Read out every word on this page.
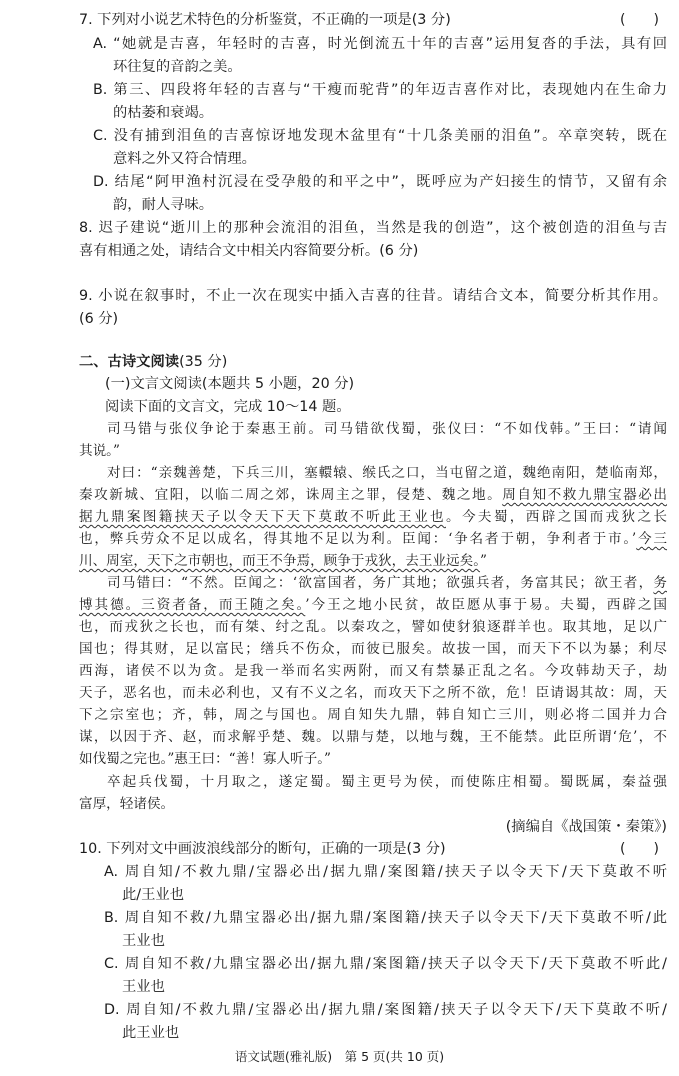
7. 下列对小说艺术特色的分析鉴赏，不正确的一项是(3 分)	(　　)
A. “她就是吉喜，年轻时的吉喜，时光倒流五十年的吉喜”运用复沓的手法，具有回
环往复的音韵之美。
B. 第三、四段将年轻的吉喜与“干瘦而驼背”的年迈吉喜作对比，表现她内在生命力
的枯萎和衰竭。
C. 没有捕到泪鱼的吉喜惊讶地发现木盆里有“十几条美丽的泪鱼”。卒章突转，既在
意料之外又符合情理。
D. 结尾“阿甲渔村沉浸在受孕般的和平之中”，既呼应为产妇接生的情节，又留有余
韵，耐人寻味。
8. 迟子建说“逝川上的那种会流泪的泪鱼，当然是我的创造”，这个被创造的泪鱼与吉
喜有相通之处，请结合文中相关内容简要分析。(6 分)
9. 小说在叙事时，不止一次在现实中插入吉喜的往昔。请结合文本，简要分析其作用。
(6 分)
二、古诗文阅读(35 分)
(一)文言文阅读(本题共 5 小题，20 分)
阅读下面的文言文，完成 10～14 题。
司马错与张仪争论于秦惠王前。司马错欲伐蜀，张仪曰：“不如伐韩。”王曰：“请闻
其说。”
对曰：“亲魏善楚，下兵三川，塞轘辕、缑氏之口，当屯留之道，魏绝南阳，楚临南郑，
秦攻新城、宜阳，以临二周之郊，诛周主之罪，侵楚、魏之地。周自知不救九鼎宝器必出
据九鼎案图籍挟天子以令天下天下莫敢不听此王业也。今夫蜀，西辟之国而戎狄之长
也，弊兵劳众不足以成名，得其地不足以为利。臣闻：‘争名者于朝，争利者于市。’今三
川、周室，天下之市朝也，而王不争焉，顾争于戎狄，去王业远矣。”
司马错曰：“不然。臣闻之：‘欲富国者，务广其地；欲强兵者，务富其民；欲王者，务
博其德。三资者备，而王随之矣。’今王之地小民贫，故臣愿从事于易。夫蜀，西辟之国
也，而戎狄之长也，而有桀、纣之乱。以秦攻之，譬如使豺狼逐群羊也。取其地，足以广
国也；得其财，足以富民；缮兵不伤众，而彼已服矣。故拔一国，而天下不以为暴；利尽
西海，诸侯不以为贪。是我一举而名实两附，而又有禁暴正乱之名。今攻韩劫天子，劫
天子，恶名也，而未必利也，又有不义之名，而攻天下之所不欲，危！臣请谒其故：周，天
下之宗室也；齐，韩，周之与国也。周自知失九鼎，韩自知亡三川，则必将二国并力合
谋，以因于齐、赵，而求解乎楚、魏。以鼎与楚，以地与魏，王不能禁。此臣所谓‘危’，不
如伐蜀之完也。”惠王曰：“善！寡人听子。”
卒起兵伐蜀，十月取之，遂定蜀。蜀主更号为侯，而使陈庄相蜀。蜀既属，秦益强
富厚，轻诸侯。
(摘编自《战国策・秦策》)
10. 下列对文中画波浪线部分的断句，正确的一项是(3 分)	(　　)
A. 周自知/不救九鼎/宝器必出/据九鼎/案图籍/挟天子以令天下/天下莫敢不听
此/王业也
B. 周自知不救/九鼎宝器必出/据九鼎/案图籍/挟天子以令天下/天下莫敢不听/此
王业也
C. 周自知不救/九鼎宝器必出/据九鼎/案图籍/挟天子以令天下/天下莫敢不听此/
王业也
D. 周自知/不救九鼎/宝器必出/据九鼎/案图籍/挟天子以令天下/天下莫敢不听/
此王业也
语文试题(雅礼版)　第 5 页(共 10 页)
